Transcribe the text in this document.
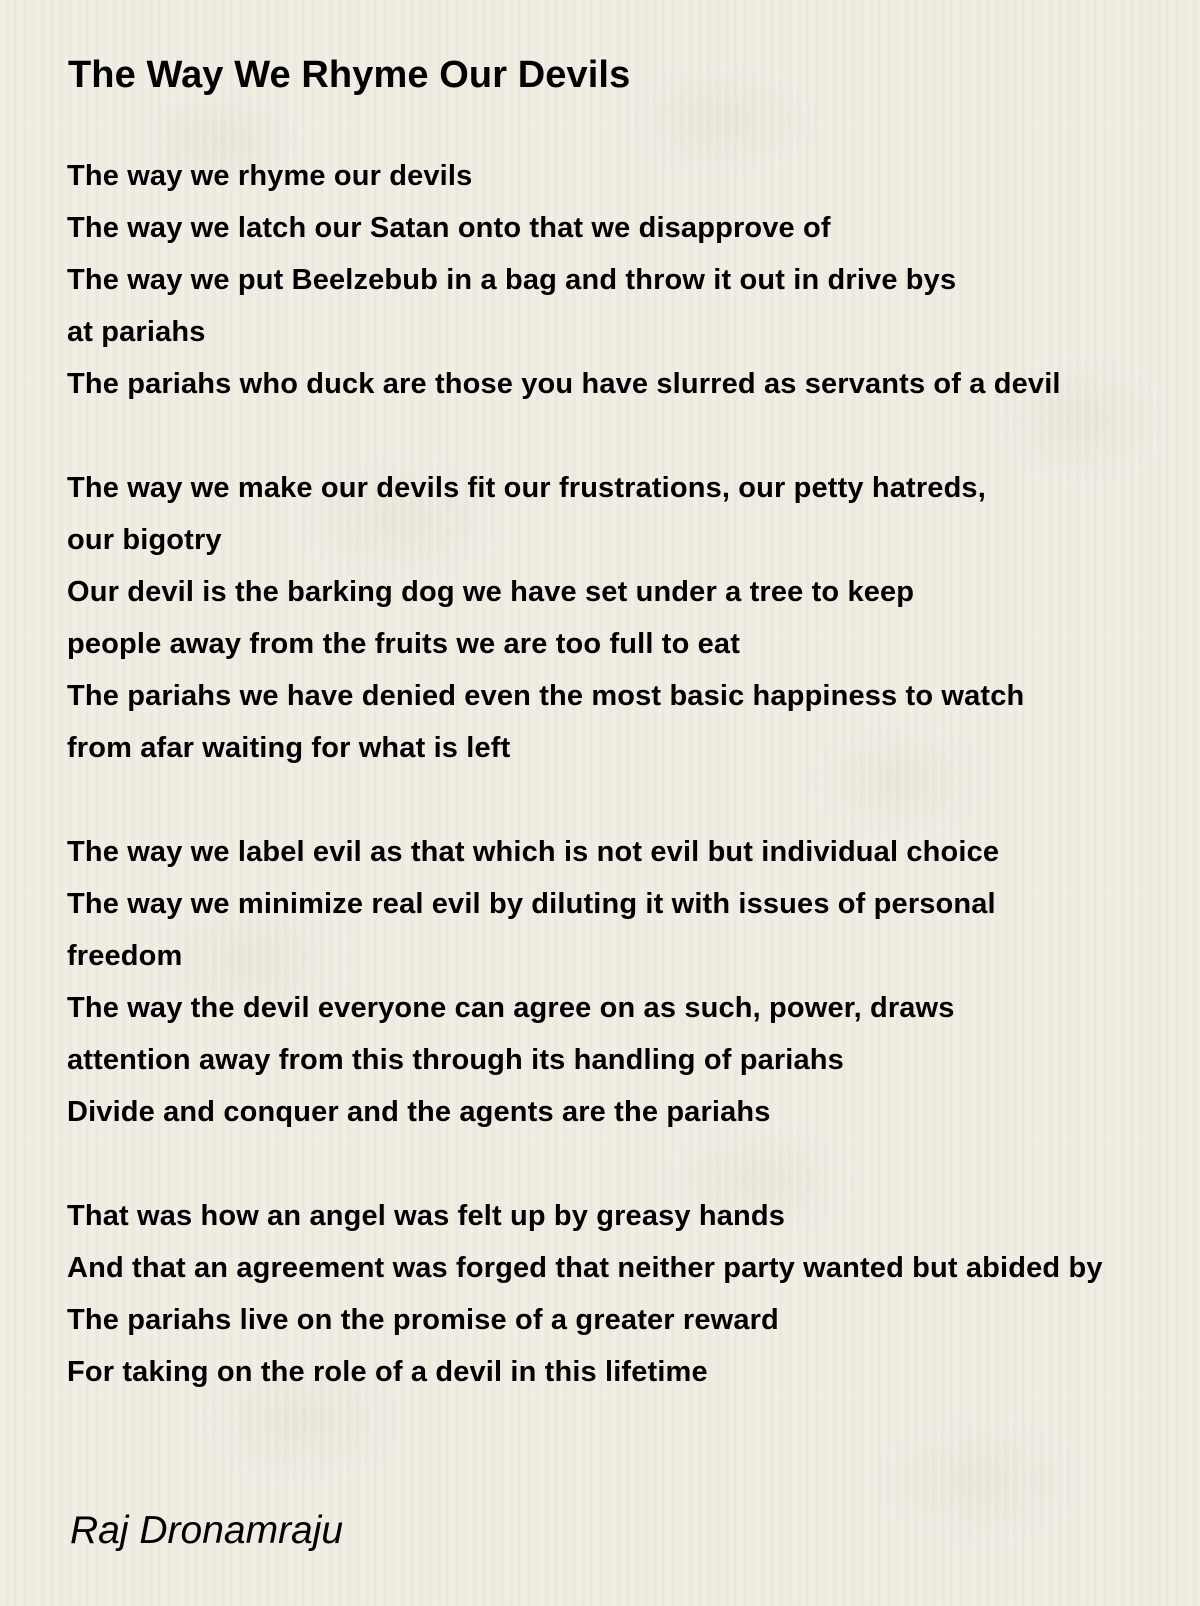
The Way We Rhyme Our Devils
The way we rhyme our devils
The way we latch our Satan onto that we disapprove of
The way we put Beelzebub in a bag and throw it out in drive bys
at pariahs
The pariahs who duck are those you have slurred as servants of a devil
The way we make our devils fit our frustrations, our petty hatreds,
our bigotry
Our devil is the barking dog we have set under a tree to keep
people away from the fruits we are too full to eat
The pariahs we have denied even the most basic happiness to watch
from afar waiting for what is left
The way we label evil as that which is not evil but individual choice
The way we minimize real evil by diluting it with issues of personal
freedom
The way the devil everyone can agree on as such, power, draws
attention away from this through its handling of pariahs
Divide and conquer and the agents are the pariahs
That was how an angel was felt up by greasy hands
And that an agreement was forged that neither party wanted but abided by
The pariahs live on the promise of a greater reward
For taking on the role of a devil in this lifetime
Raj Dronamraju
